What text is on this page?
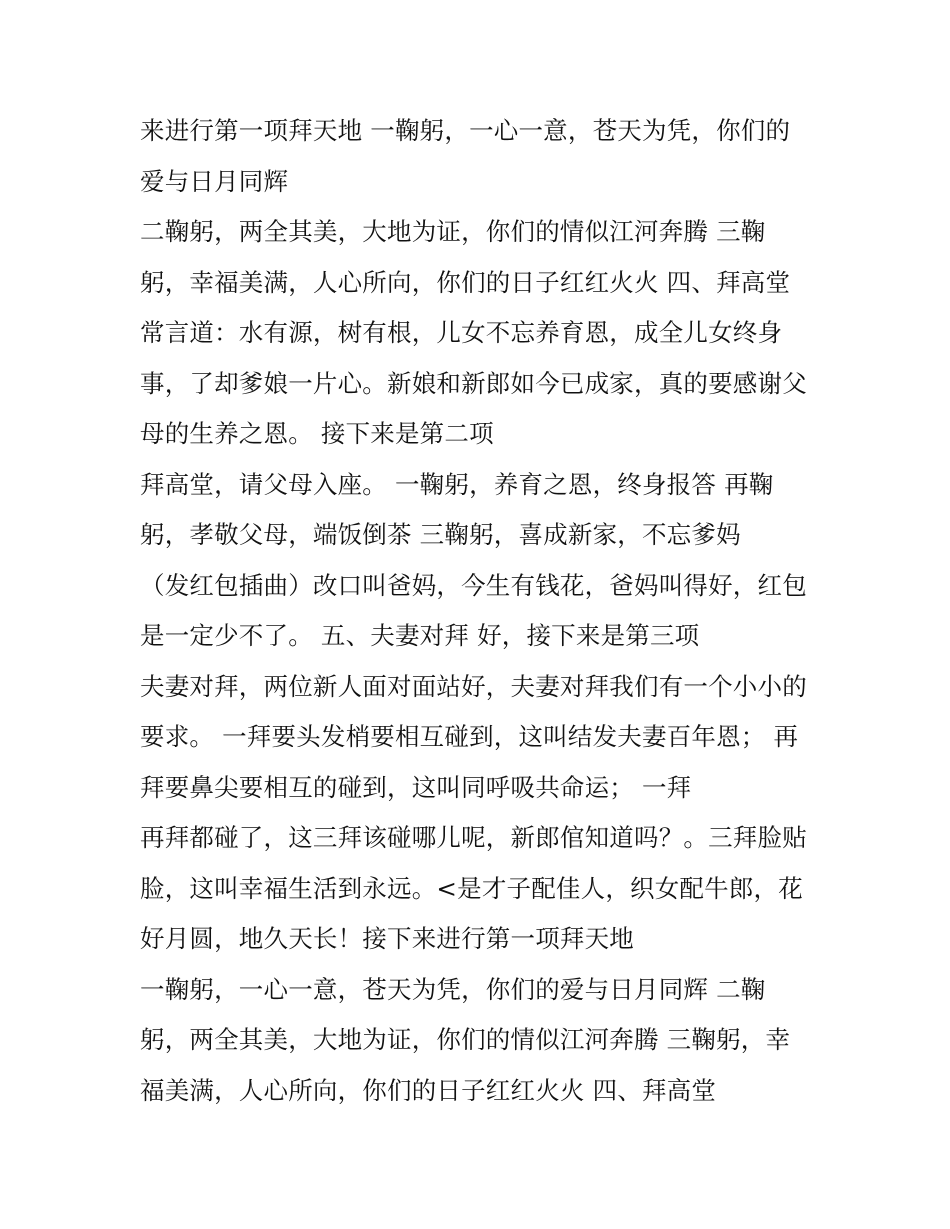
来进行第一项拜天地 一鞠躬，一心一意，苍天为凭，你们的
爱与日月同辉
二鞠躬，两全其美，大地为证，你们的情似江河奔腾 三鞠
躬，幸福美满，人心所向，你们的日子红红火火 四、拜高堂
常言道：水有源，树有根，儿女不忘养育恩，成全儿女终身
事，了却爹娘一片心。新娘和新郎如今已成家，真的要感谢父
母的生养之恩。 接下来是第二项
拜高堂，请父母入座。 一鞠躬，养育之恩，终身报答 再鞠
躬，孝敬父母，端饭倒茶 三鞠躬，喜成新家，不忘爹妈
（发红包插曲）改口叫爸妈，今生有钱花，爸妈叫得好，红包
是一定少不了。 五、夫妻对拜 好，接下来是第三项
夫妻对拜，两位新人面对面站好，夫妻对拜我们有一个小小的
要求。 一拜要头发梢要相互碰到，这叫结发夫妻百年恩； 再
拜要鼻尖要相互的碰到，这叫同呼吸共命运； 一拜
再拜都碰了，这三拜该碰哪儿呢，新郎倌知道吗？。三拜脸贴
脸，这叫幸福生活到永远。<是才子配佳人，织女配牛郎，花
好月圆，地久天长！接下来进行第一项拜天地
一鞠躬，一心一意，苍天为凭，你们的爱与日月同辉 二鞠
躬，两全其美，大地为证，你们的情似江河奔腾 三鞠躬，幸
福美满，人心所向，你们的日子红红火火 四、拜高堂
